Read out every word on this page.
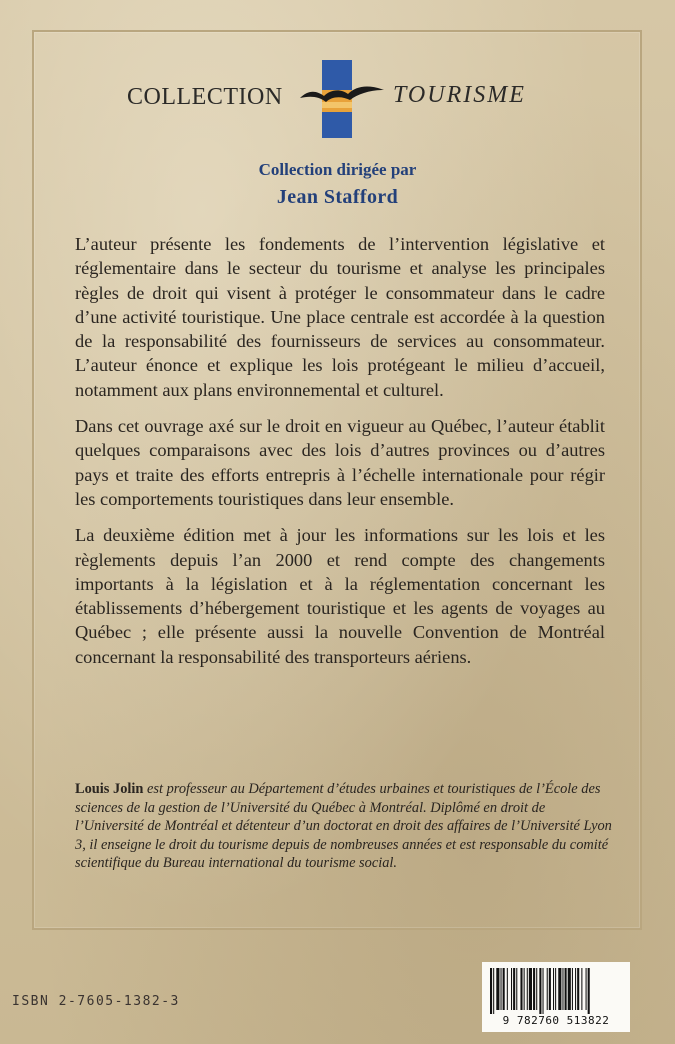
COLLECTION	TOURISME
Collection dirigée par
Jean Stafford

L’auteur présente les fondements de l’intervention législative et réglementaire dans le secteur du tourisme et analyse les principales règles de droit qui visent à protéger le consommateur dans le cadre d’une activité touristique. Une place centrale est accordée à la question de la responsabilité des fournisseurs de services au consommateur. L’auteur énonce et explique les lois protégeant le milieu d’accueil, notamment aux plans environnemental et culturel.

Dans cet ouvrage axé sur le droit en vigueur au Québec, l’auteur établit quelques comparaisons avec des lois d’autres provinces ou d’autres pays et traite des efforts entrepris à l’échelle internationale pour régir les comportements touristiques dans leur ensemble.

La deuxième édition met à jour les informations sur les lois et les règlements depuis l’an 2000 et rend compte des changements importants à la législation et à la réglementation concernant les établissements d’hébergement touristique et les agents de voyages au Québec ; elle présente aussi la nouvelle Convention de Montréal concernant la responsabilité des transporteurs aériens.

Louis Jolin est professeur au Département d’études urbaines et touristiques de l’École des sciences de la gestion de l’Université du Québec à Montréal. Diplômé en droit de l’Université de Montréal et détenteur d’un doctorat en droit des affaires de l’Université Lyon 3, il enseigne le droit du tourisme depuis de nombreuses années et est responsable du comité scientifique du Bureau international du tourisme social.
9 782760 513822
ISBN 2-7605-1382-3
